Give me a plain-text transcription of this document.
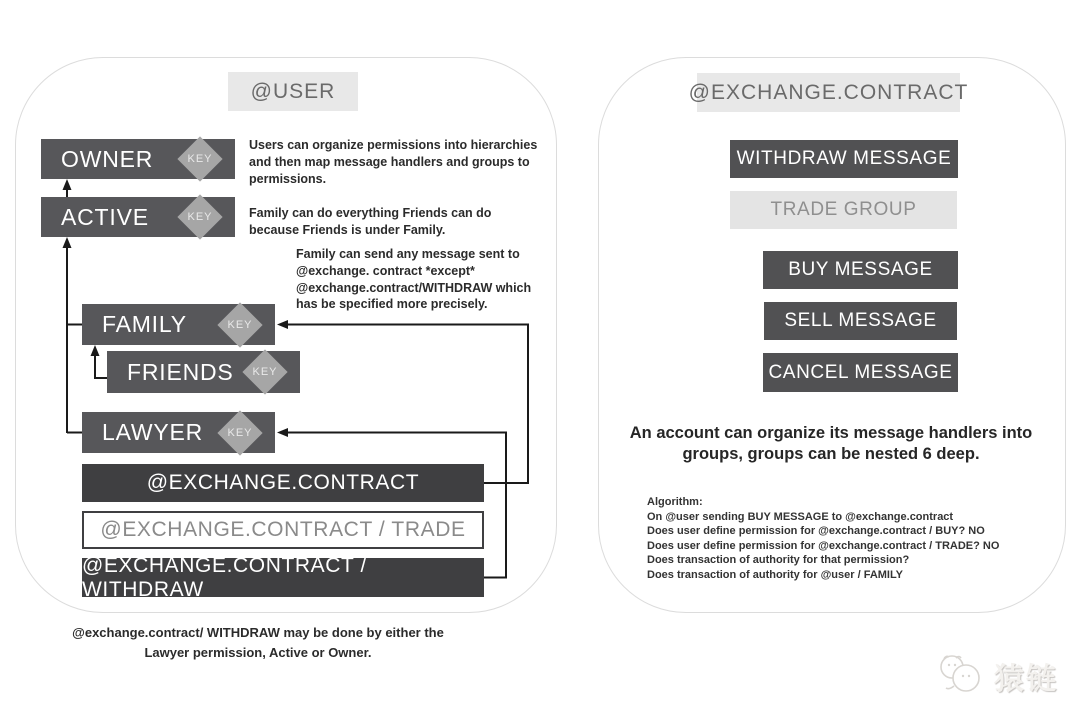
@USER
OWNER	KEY
ACTIVE	KEY
FAMILY	KEY
FRIENDS	KEY
LAWYER	KEY
@EXCHANGE.CONTRACT
@EXCHANGE.CONTRACT / TRADE
@EXCHANGE.CONTRACT / WITHDRAW
Users can organize permissions into hierarchies and then map message handlers and groups to permissions.
Family can do everything Friends can do because Friends is under Family.
Family can send any message sent to @exchange. contract *except* @exchange.contract/WITHDRAW which has be specified more precisely.
@exchange.contract/ WITHDRAW may be done by either the Lawyer permission, Active or Owner.
@EXCHANGE.CONTRACT
WITHDRAW MESSAGE
TRADE GROUP
BUY MESSAGE
SELL MESSAGE
CANCEL MESSAGE
An account can organize its message handlers into groups, groups can be nested 6 deep.
Algorithm:
On @user sending BUY MESSAGE to @exchange.contract
Does user define permission for @exchange.contract / BUY? NO
Does user define permission for @exchange.contract / TRADE? NO
Does transaction of authority for that permission?
Does transaction of authority for @user / FAMILY
猿链
